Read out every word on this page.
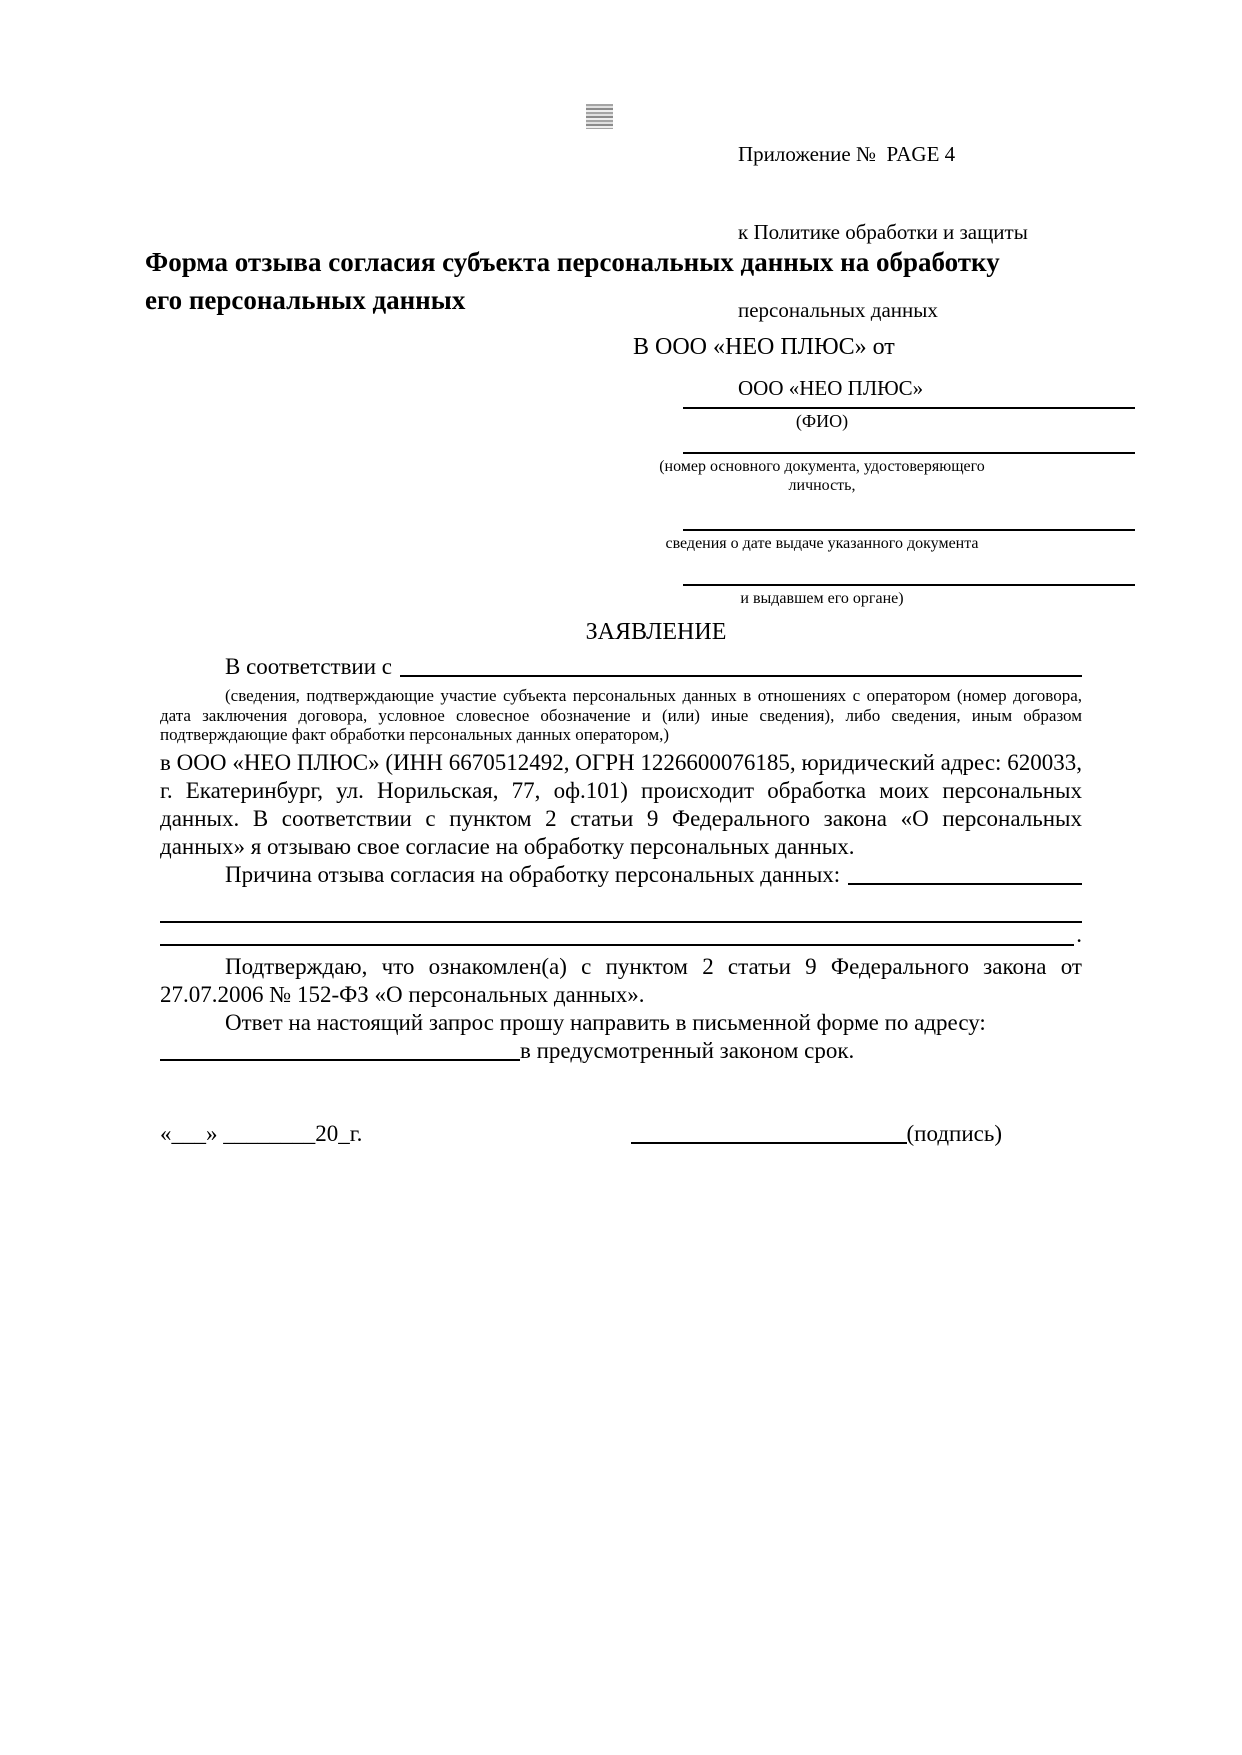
Приложение №  PAGE 4

к Политике обработки и защиты

персональных данных

ООО «НЕО ПЛЮС»

Форма отзыва согласия субъекта персональных данных на обработку его персональных данных
В ООО «НЕО ПЛЮС» от
(ФИО)
(номер основного документа, удостоверяющего личность,
сведения о дате выдаче указанного документа
и выдавшем его органе)
ЗАЯВЛЕНИЕ
В соответствии с
(сведения, подтверждающие участие субъекта персональных данных в отношениях с оператором (номер договора, дата заключения договора, условное словесное обозначение и (или) иные сведения), либо сведения, иным образом подтверждающие факт обработки персональных данных оператором,)
в ООО «НЕО ПЛЮС» (ИНН 6670512492, ОГРН 1226600076185, юридический адрес: 620033, г. Екатеринбург, ул. Норильская, 77, оф.101) происходит обработка моих персональных данных. В соответствии с пунктом 2 статьи 9 Федерального закона «О персональных данных» я отзываю свое согласие на обработку персональных данных.
Причина отзыва согласия на обработку персональных данных:
.
Подтверждаю, что ознакомлен(а) с пунктом 2 статьи 9 Федерального закона от 27.07.2006 № 152-ФЗ «О персональных данных».
Ответ на настоящий запрос прошу направить в письменной форме по адресу:
в предусмотренный законом срок.
«___» ________20_г.	(подпись)
